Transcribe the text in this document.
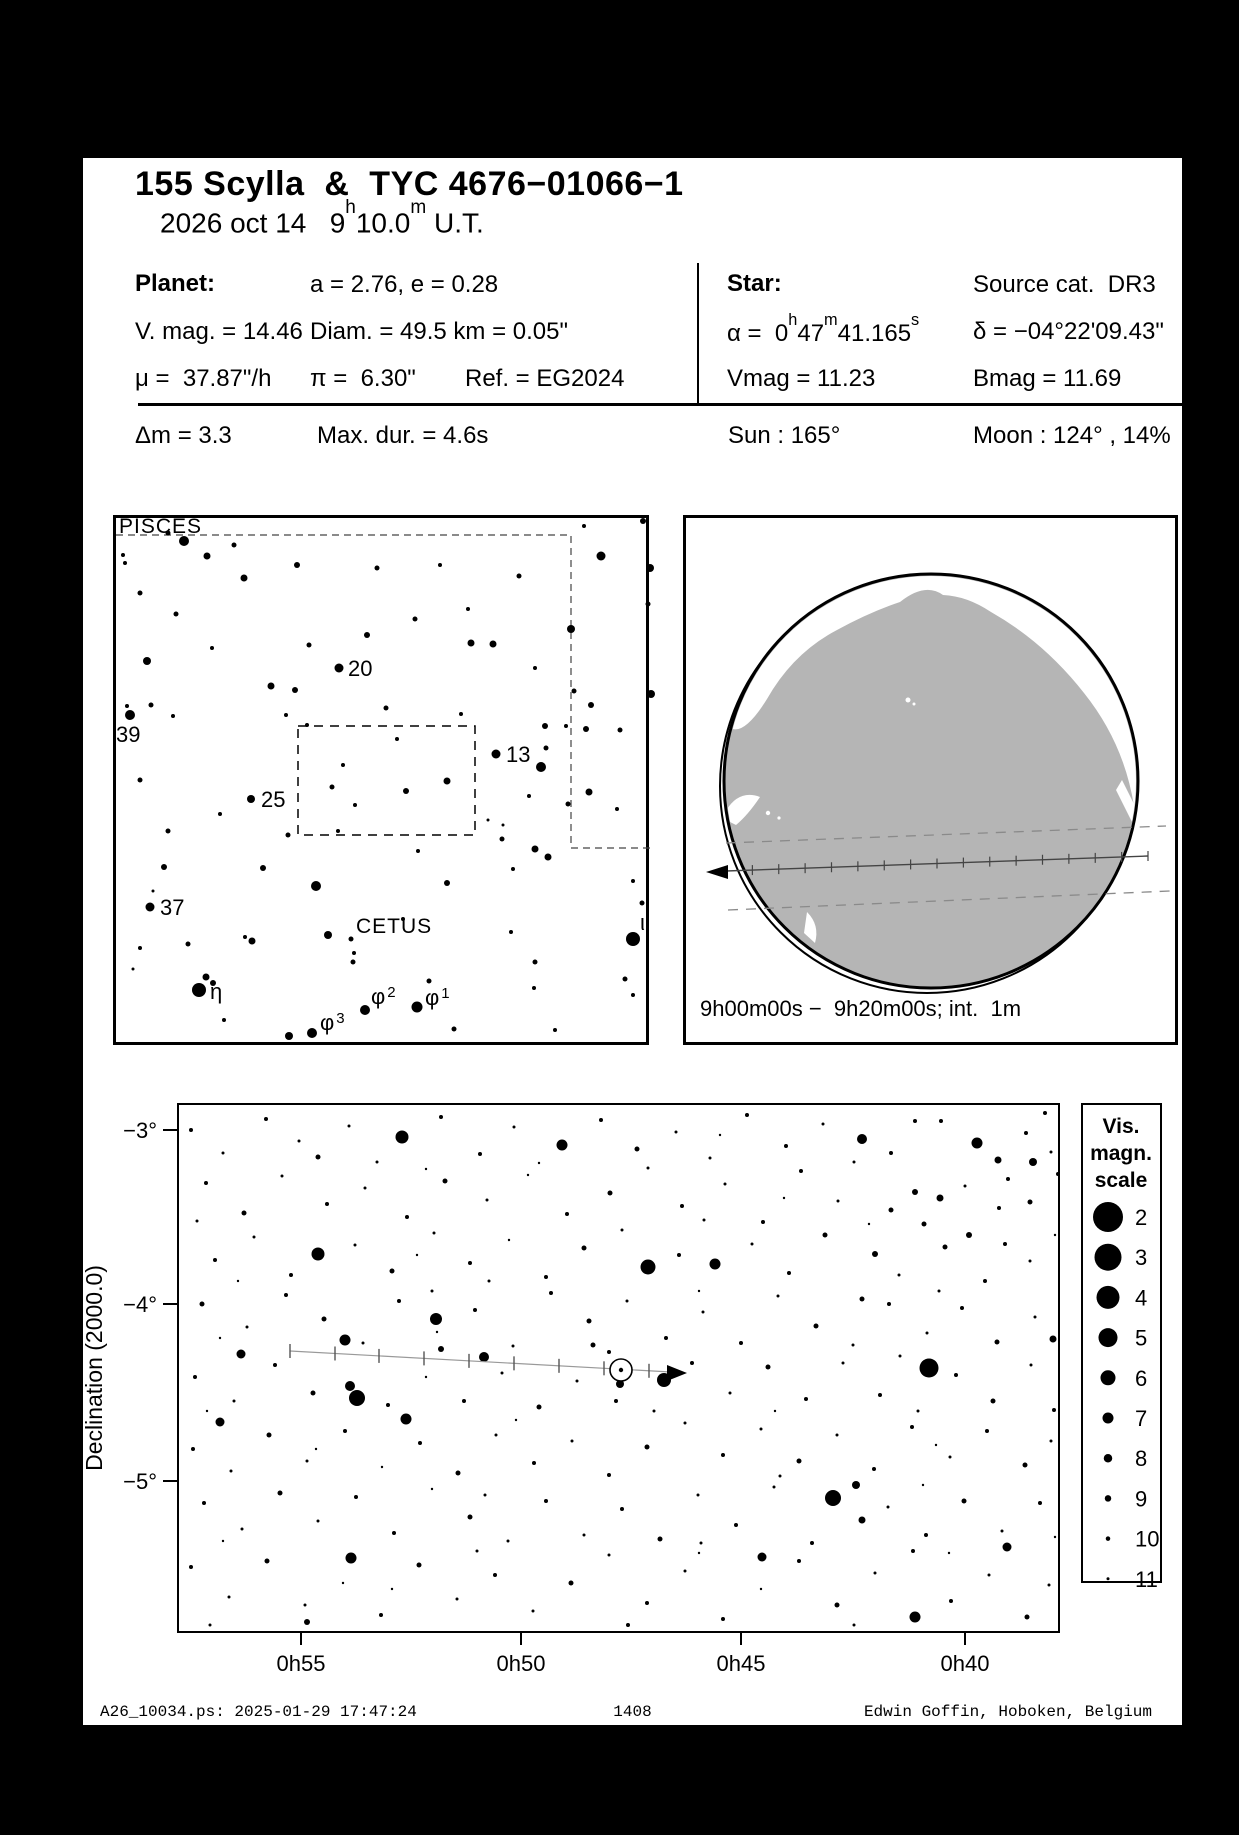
155 Scylla  &  TYC 4676−01066−1
2026 oct 14   9$^h$10.0$^m$ U.T.
Planet:	a = 2.76, e = 0.28
V. mag. = 14.46 Diam. = 49.5 km = 0.05"
μ =  37.87"/h π =  6.30" Ref. = EG2024
Star:	Source cat.  DR3
α =  0$^h$47$^m$41.165$^s$ δ = −04°22'09.43"
Vmag = 11.23	Bmag = 11.69
Δm = 3.3	Max. dur. = 4.6s	Sun : 165°	Moon : 124° , 14%
20
39
13
25
37
η
φ $^3$
φ $^2$ φ $^1$
ι
PISCES
CETUS
9h00m00s −  9h20m00s; int.  1m
0h55	0h50	0h45	0h40
−3°
−4°
−5°
Declination (2000.0)
Right ascension (2000.0)
Vis.
magn.
scale
2
3
4
5
6
7
8
9
10
11
A26_10034.ps: 2025-01-29 17:47:24	1408	Edwin Goffin, Hoboken, Belgium
